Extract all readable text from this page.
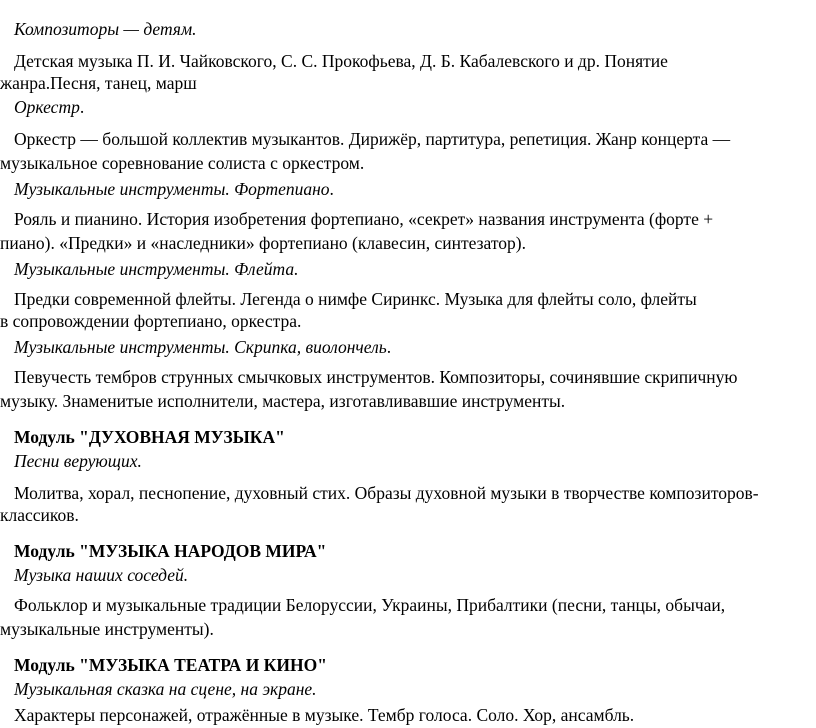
Композиторы — детям.
Детская музыка П. И. Чайковского, С. С. Прокофьева, Д. Б. Кабалевского и др. Понятие
жанра.Песня, танец, марш
Оркестр.
Оркестр — большой коллектив музыкантов. Дирижёр, партитура, репетиция. Жанр концерта —
музыкальное соревнование солиста с оркестром.
Музыкальные инструменты. Фортепиано.
Рояль и пианино. История изобретения фортепиано, «секрет» названия инструмента (форте +
пиано). «Предки» и «наследники» фортепиано (клавесин, синтезатор).
Музыкальные инструменты. Флейта.
Предки современной флейты. Легенда о нимфе Сиринкс. Музыка для флейты соло, флейты
в сопровождении фортепиано, оркестра.
Музыкальные инструменты. Скрипка, виолончель.
Певучесть тембров струнных смычковых инструментов. Композиторы, сочинявшие скрипичную
музыку. Знаменитые исполнители, мастера, изготавливавшие инструменты.
Модуль "ДУХОВНАЯ МУЗЫКА"
Песни верующих.
Молитва, хорал, песнопение, духовный стих. Образы духовной музыки в творчестве композиторов-
классиков.
Модуль "МУЗЫКА НАРОДОВ МИРА"
Музыка наших соседей.
Фольклор и музыкальные традиции Белоруссии, Украины, Прибалтики (песни, танцы, обычаи,
музыкальные инструменты).
Модуль "МУЗЫКА ТЕАТРА И КИНО"
Музыкальная сказка на сцене, на экране.
Характеры персонажей, отражённые в музыке. Тембр голоса. Соло. Хор, ансамбль.
